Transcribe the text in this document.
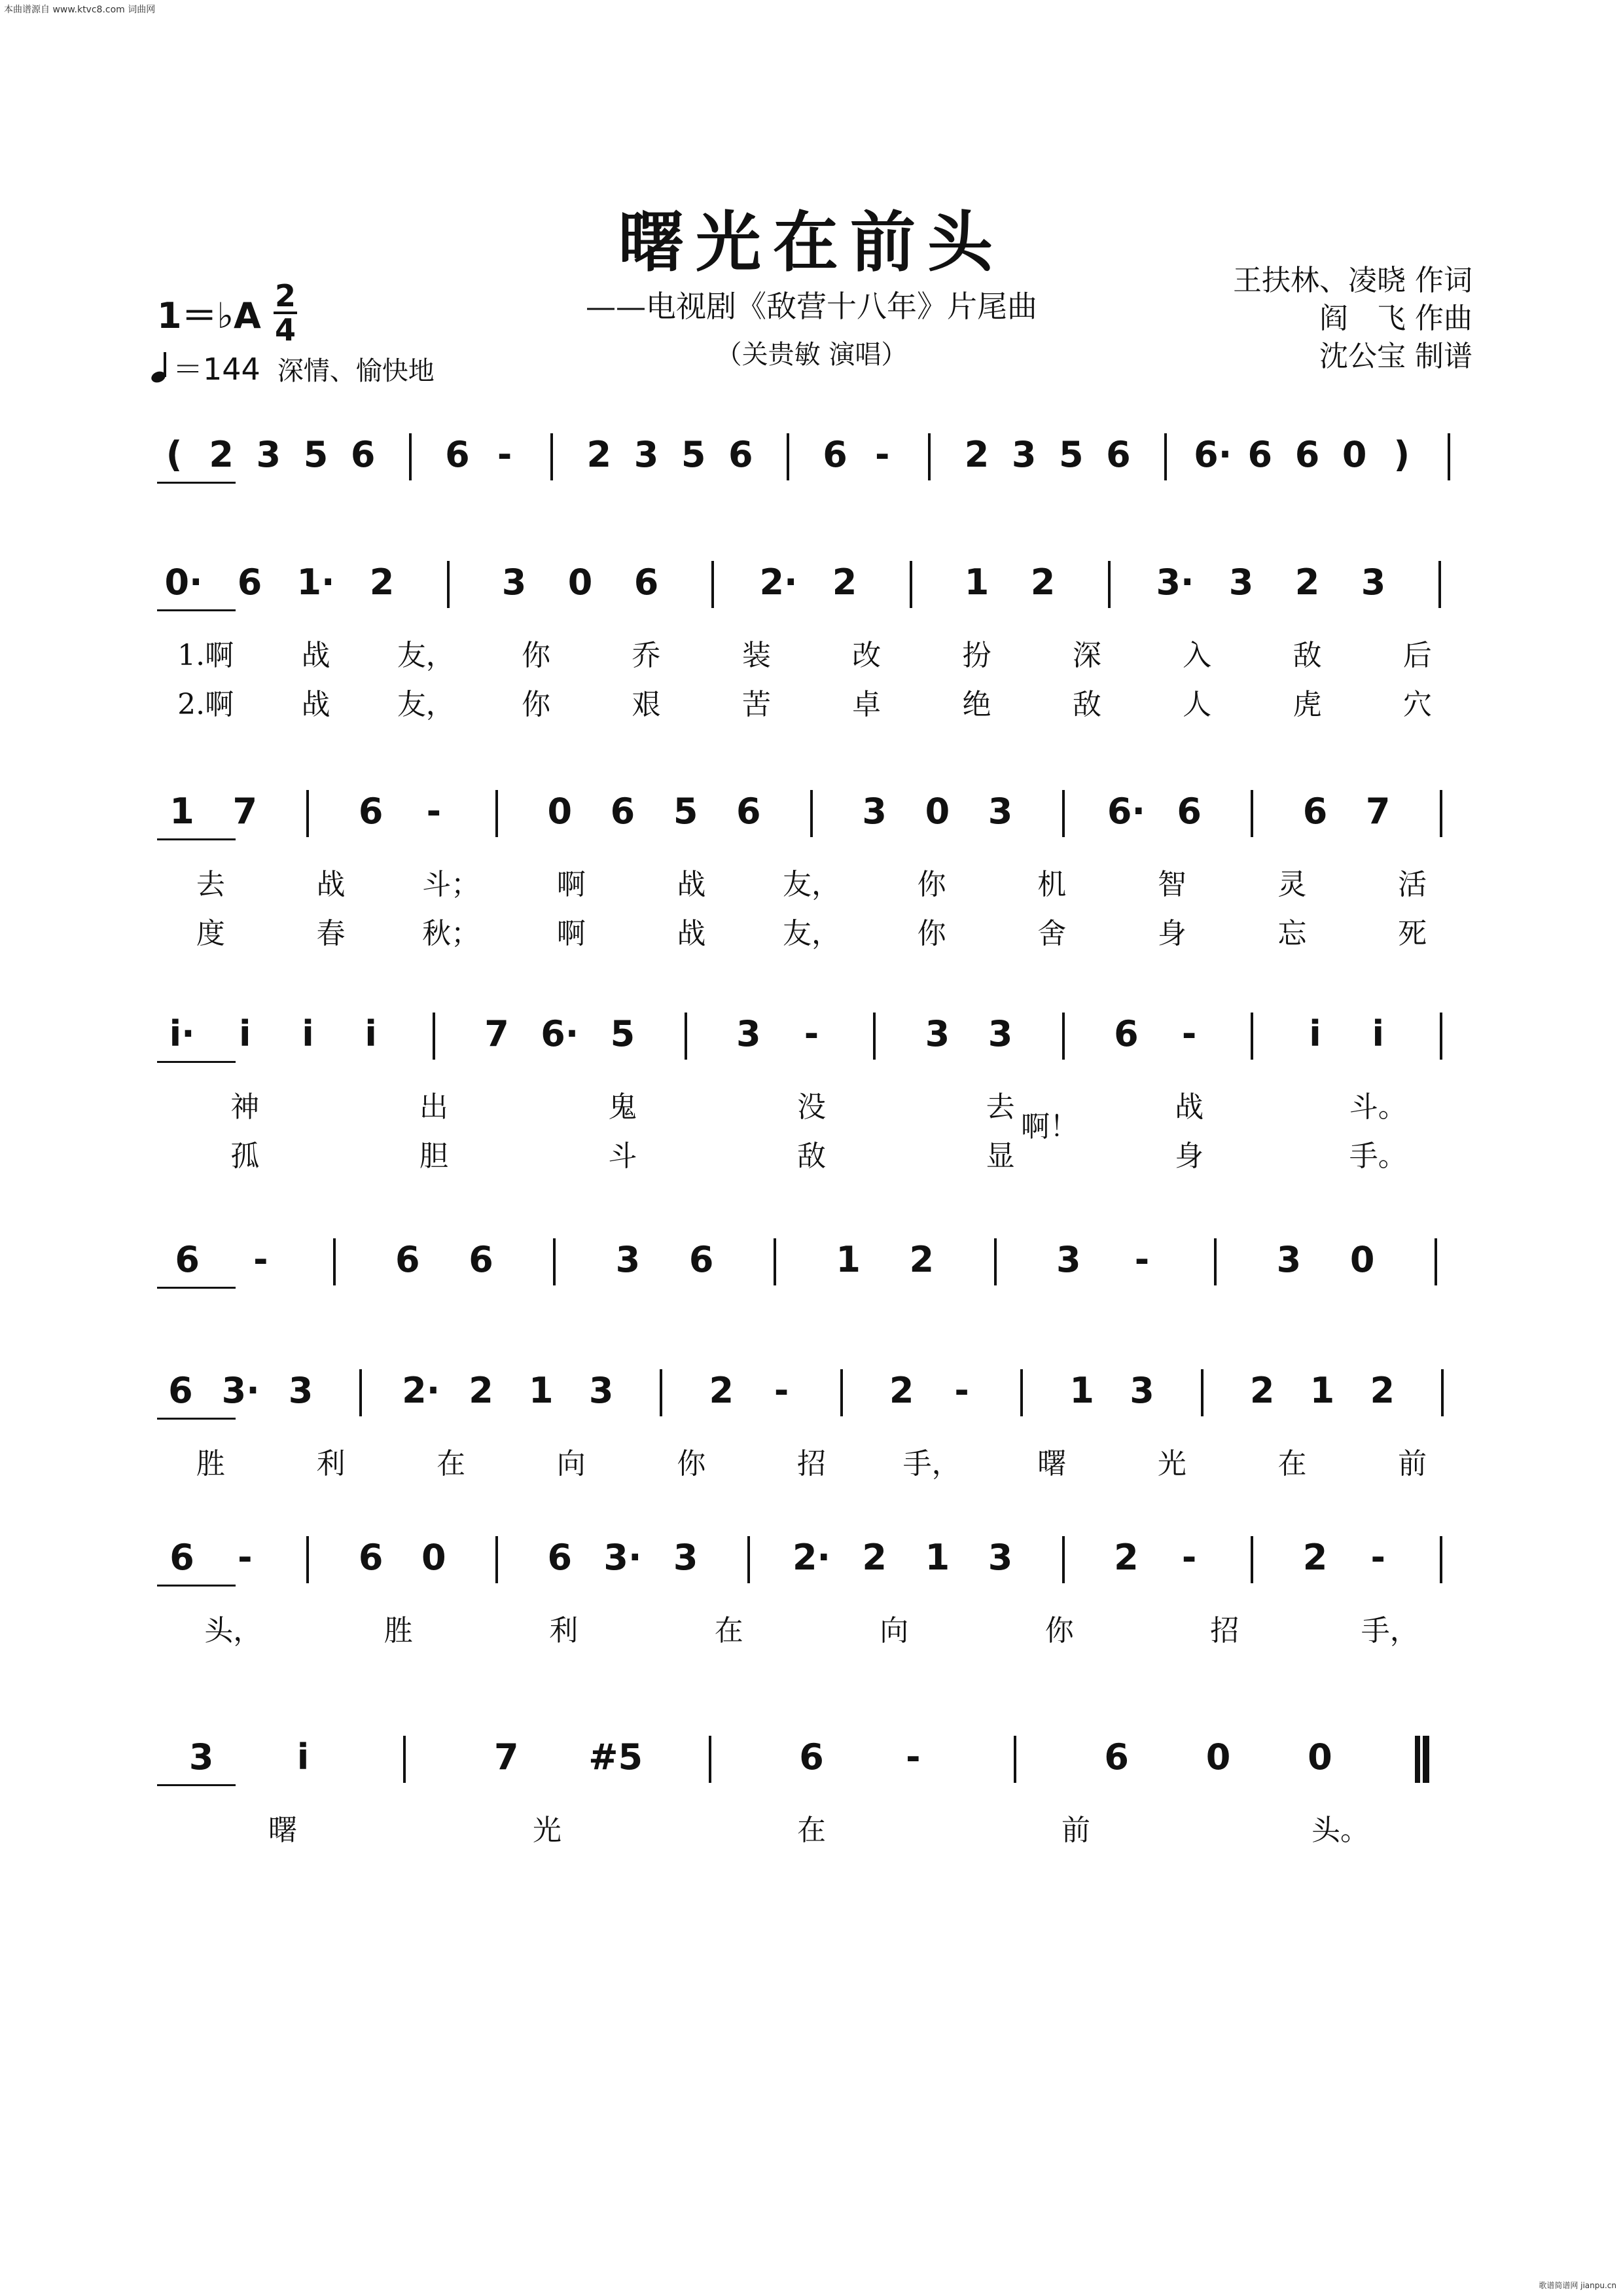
本曲谱源自 www.ktvc8.com 词曲网
歌谱简谱网 jianpu.cn
曙光在前头
——电视剧《敌营十八年》片尾曲
（关贵敏 演唱）
王扶林、凌晓 作词
阎　飞 作曲
沈公宝 制谱
1＝♭A 2
4
＝144 深情、愉快地
( 2 3 5 6 6 -	2 3 5 6 6 -	2 3 5 6 6· 6 6 0 )
0· 6 1· 2	3 0 6	2· 2	1 2	3· 3 2 3
1.啊	战	友，	你	乔	装	改	扮	深	入	敌	后
2.啊	战	友，	你	艰	苦	卓	绝	敌	人	虎	穴
1 7	6	-	0 6 5 6	3 0 3	6· 6	6 7
去	战	斗；	啊	战	友，	你	机	智	灵	活
度	春	秋；	啊	战	友，	你	舍	身	忘	死
i·	i	i	i	7 6· 5	3	-	3 3	6	-	i	i
神	出	鬼	没	去	战	斗。
孤	胆	斗	敌	显	身	手。
啊！
6	-	6 6	3 6	1 2	3	-	3 0
6 3· 3	2· 2 1 3	2	-	2	-	1 3	2 1 2
胜	利	在	向	你	招	手，	曙	光	在	前
6	-	6 0	6 3· 3	2· 2 1 3	2	-	2	-
头，	胜	利	在	向	你	招	手，
3	i	7 #5	6	-	6 0 0
曙	光	在	前	头。
